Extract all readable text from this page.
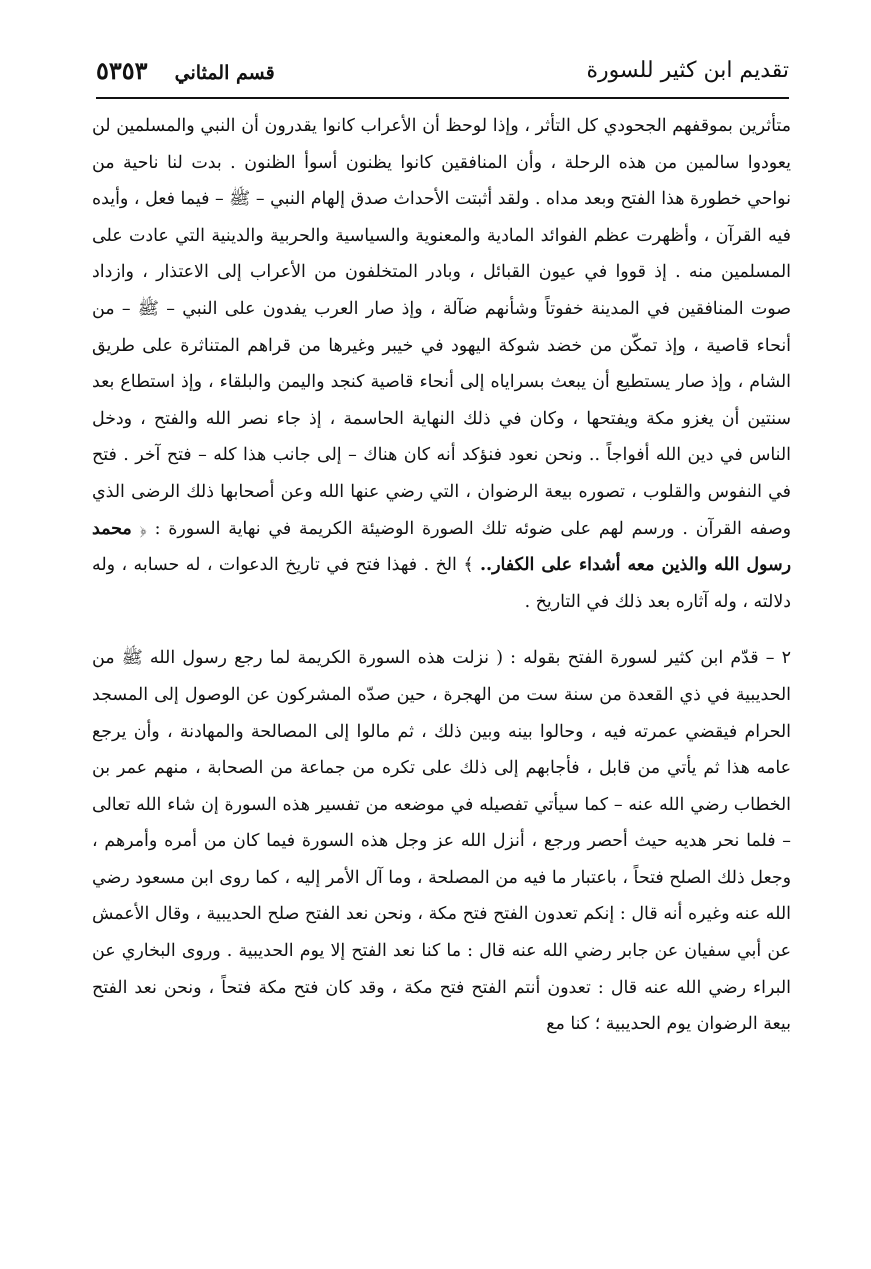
تقديم ابن كثير للسورة
قسم المثاني ٥٣٥٣

متأثرين بموقفهم الجحودي كل التأثر ، وإذا لوحظ أن الأعراب كانوا يقدرون أن النبي والمسلمين لن يعودوا سالمين من هذه الرحلة ، وأن المنافقين كانوا يظنون أسوأ الظنون . بدت لنا ناحية من نواحي خطورة هذا الفتح وبعد مداه . ولقد أثبتت الأحداث صدق إلهام النبي – ﷺ – فيما فعل ، وأيده فيه القرآن ، وأظهرت عظم الفوائد المادية والمعنوية والسياسية والحربية والدينية التي عادت على المسلمين منه . إذ قووا في عيون القبائل ، وبادر المتخلفون من الأعراب إلى الاعتذار ، وازداد صوت المنافقين في المدينة خفوتاً وشأنهم ضآلة ، وإذ صار العرب يفدون على النبي – ﷺ – من أنحاء قاصية ، وإذ تمكّن من خضد شوكة اليهود في خيبر وغيرها من قراهم المتناثرة على طريق الشام ، وإذ صار يستطيع أن يبعث بسراياه إلى أنحاء قاصية كنجد واليمن والبلقاء ، وإذ استطاع بعد سنتين أن يغزو مكة ويفتحها ، وكان في ذلك النهاية الحاسمة ، إذ جاء نصر الله والفتح ، ودخل الناس في دين الله أفواجاً .. ونحن نعود فنؤكد أنه كان هناك – إلى جانب هذا كله – فتح آخر . فتح في النفوس والقلوب ، تصوره بيعة الرضوان ، التي رضي عنها الله وعن أصحابها ذلك الرضى الذي وصفه القرآن . ورسم لهم على ضوئه تلك الصورة الوضيئة الكريمة في نهاية السورة : ﴿ محمد رسول الله والذين معه أشداء على الكفار.. ﴾ الخ . فهذا فتح في تاريخ الدعوات ، له حسابه ، وله دلالته ، وله آثاره بعد ذلك في التاريخ .

٢ – قدّم ابن كثير لسورة الفتح بقوله : ( نزلت هذه السورة الكريمة لما رجع رسول الله ﷺ من الحديبية في ذي القعدة من سنة ست من الهجرة ، حين صدّه المشركون عن الوصول إلى المسجد الحرام فيقضي عمرته فيه ، وحالوا بينه وبين ذلك ، ثم مالوا إلى المصالحة والمهادنة ، وأن يرجع عامه هذا ثم يأتي من قابل ، فأجابهم إلى ذلك على تكره من جماعة من الصحابة ، منهم عمر بن الخطاب رضي الله عنه – كما سيأتي تفصيله في موضعه من تفسير هذه السورة إن شاء الله تعالى – فلما نحر هديه حيث أحصر ورجع ، أنزل الله عز وجل هذه السورة فيما كان من أمره وأمرهم ، وجعل ذلك الصلح فتحاً ، باعتبار ما فيه من المصلحة ، وما آل الأمر إليه ، كما روى ابن مسعود رضي الله عنه وغيره أنه قال : إنكم تعدون الفتح فتح مكة ، ونحن نعد الفتح صلح الحديبية ، وقال الأعمش عن أبي سفيان عن جابر رضي الله عنه قال : ما كنا نعد الفتح إلا يوم الحديبية . وروى البخاري عن البراء رضي الله عنه قال : تعدون أنتم الفتح فتح مكة ، وقد كان فتح مكة فتحاً ، ونحن نعد الفتح بيعة الرضوان يوم الحديبية ؛ كنا مع
